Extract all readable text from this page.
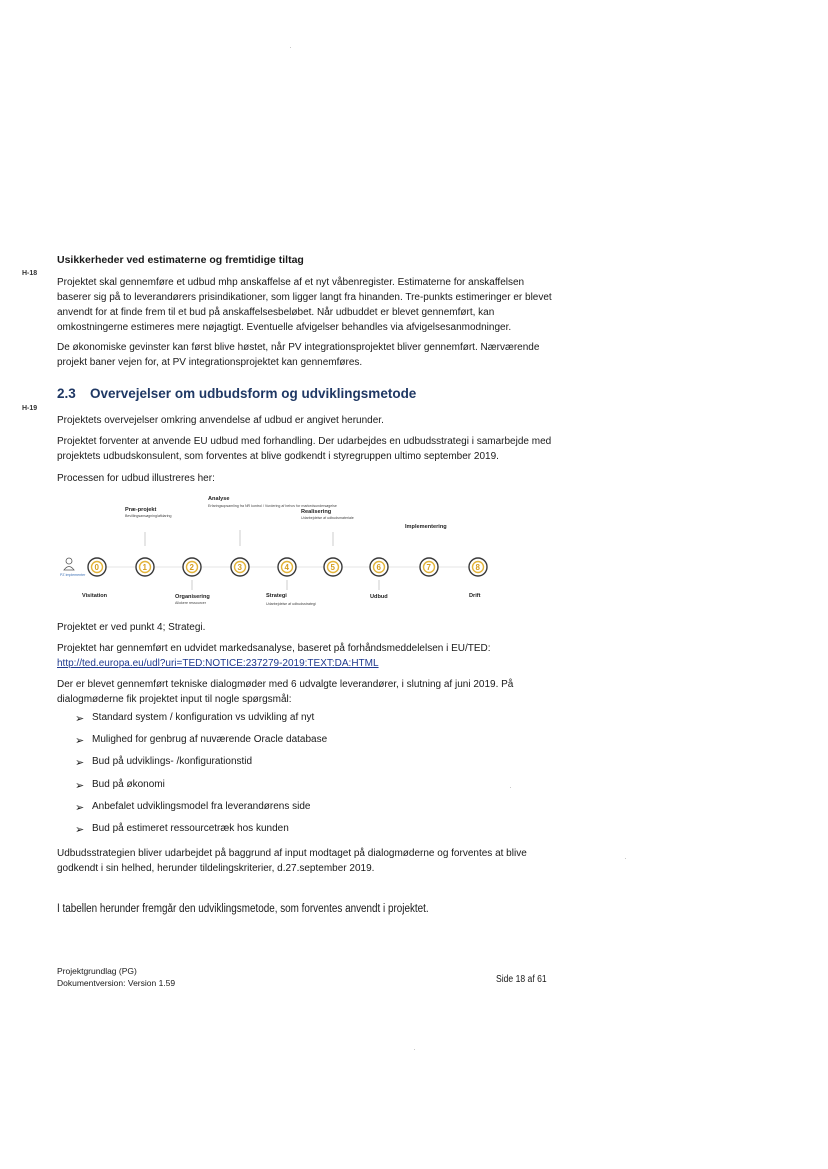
H-18
H-19
Usikkerheder ved estimaterne og fremtidige tiltag
Projektet skal gennemføre et udbud mhp anskaffelse af et nyt våbenregister. Estimaterne for anskaffelsen baserer sig på to leverandørers prisindikationer, som ligger langt fra hinanden. Tre-punkts estimeringer er blevet anvendt for at finde frem til et bud på anskaffelsesbeløbet. Når udbuddet er blevet gennemført, kan omkostningerne estimeres mere nøjagtigt. Eventuelle afvigelser behandles via afvigelsesanmodninger.
De økonomiske gevinster kan først blive høstet, når PV integrationsprojektet bliver gennemført. Nærværende projekt baner vejen for, at PV integrationsprojektet kan gennemføres.
2.3 Overvejelser om udbudsform og udviklingsmetode
Projektets overvejelser omkring anvendelse af udbud er angivet herunder.
Projektet forventer at anvende EU udbud med forhandling. Der udarbejdes en udbudsstrategi i samarbejde med projektets udbudskonsulent, som forventes at blive godkendt i styregruppen ultimo september 2019.
Processen for udbud illustreres her:
PZ implementer
0	1	2	3	4	5	6	7	8
Præ-projekt
Bevillingsansøgning/afklaring
Analyse
Erfaringsopsamling fra NR kontrol / Vurdering af behov for markedsundersøgelse
Realisering
Udarbejdelse af udbudsmateriale
Implementering
Visitation	Organisering
Allokere ressourcer
Strategi
Udarbejdelse af udbudsstrategi
Udbud	Drift
Projektet er ved punkt 4; Strategi.
Projektet har gennemført en udvidet markedsanalyse, baseret på forhåndsmeddelelsen i EU/TED:
http://ted.europa.eu/udl?uri=TED:NOTICE:237279-2019:TEXT:DA:HTML
Der er blevet gennemført tekniske dialogmøder med 6 udvalgte leverandører, i slutning af juni 2019. På dialogmøderne fik projektet input til nogle spørgsmål:
➢ Standard system / konfiguration vs udvikling af nyt
➢ Mulighed for genbrug af nuværende Oracle database
➢ Bud på udviklings- /konfigurationstid
➢ Bud på økonomi
➢ Anbefalet udviklingsmodel fra leverandørens side
➢ Bud på estimeret ressourcetræk hos kunden
Udbudsstrategien bliver udarbejdet på baggrund af input modtaget på dialogmøderne og forventes at blive godkendt i sin helhed, herunder tildelingskriterier, d.27.september 2019.
I tabellen herunder fremgår den udviklingsmetode, som forventes anvendt i projektet.
Projektgrundlag (PG)
Dokumentversion: Version 1.59	Side 18 af 61
